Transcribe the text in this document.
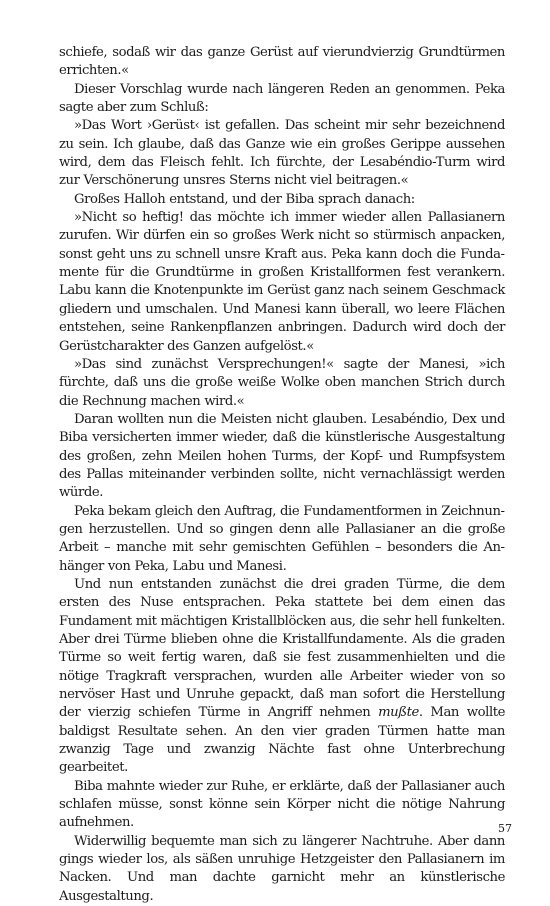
schiefe, sodaß wir das ganze Gerüst auf vierundvierzig Grundtürmen errichten.«

Dieser Vorschlag wurde nach längeren Reden an genommen. Peka sagte aber zum Schluß:

»Das Wort ›Gerüst‹ ist gefallen. Das scheint mir sehr bezeichnend zu sein. Ich glaube, daß das Ganze wie ein großes Gerippe aussehen wird, dem das Fleisch fehlt. Ich fürchte, der Lesabéndio-Turm wird zur Verschönerung unsres Sterns nicht viel beitragen.«

Großes Halloh entstand, und der Biba sprach danach:

»Nicht so heftig! das möchte ich immer wieder allen Pallasianern zurufen. Wir dürfen ein so großes Werk nicht so stürmisch anpacken, sonst geht uns zu schnell unsre Kraft aus. Peka kann doch die Fundamente für die Grundtürme in großen Kristallformen fest verankern. Labu kann die Knotenpunkte im Gerüst ganz nach seinem Geschmack gliedern und umschalen. Und Manesi kann überall, wo leere Flächen entstehen, seine Rankenpflanzen anbringen. Dadurch wird doch der Gerüstcharakter des Ganzen aufgelöst.«

»Das sind zunächst Versprechungen!« sagte der Manesi, »ich fürchte, daß uns die große weiße Wolke oben manchen Strich durch die Rechnung machen wird.«

Daran wollten nun die Meisten nicht glauben. Lesabéndio, Dex und Biba versicherten immer wieder, daß die künstlerische Ausgestaltung des großen, zehn Meilen hohen Turms, der Kopf- und Rumpfsystem des Pallas miteinander verbinden sollte, nicht vernachlässigt werden würde.

Peka bekam gleich den Auftrag, die Fundamentformen in Zeichnungen herzustellen. Und so gingen denn alle Pallasianer an die große Arbeit – manche mit sehr gemischten Gefühlen – besonders die Anhänger von Peka, Labu und Manesi.

Und nun entstanden zunächst die drei graden Türme, die dem ersten des Nuse entsprachen. Peka stattete bei dem einen das Fundament mit mächtigen Kristallblöcken aus, die sehr hell funkelten. Aber drei Türme blieben ohne die Kristallfundamente. Als die graden Türme so weit fertig waren, daß sie fest zusammenhielten und die nötige Tragkraft versprachen, wurden alle Arbeiter wieder von so nervöser Hast und Unruhe gepackt, daß man sofort die Herstellung der vierzig schiefen Türme in Angriff nehmen mußte. Man wollte baldigst Resultate sehen. An den vier graden Türmen hatte man zwanzig Tage und zwanzig Nächte fast ohne Unterbrechung gearbeitet.

Biba mahnte wieder zur Ruhe, er erklärte, daß der Pallasianer auch schlafen müsse, sonst könne sein Körper nicht die nötige Nahrung aufnehmen.

Widerwillig bequemte man sich zu längerer Nachtruhe. Aber dann gings wieder los, als säßen unruhige Hetzgeister den Pallasianern im Nacken. Und man dachte garnicht mehr an künstlerische Ausgestaltung.

57
